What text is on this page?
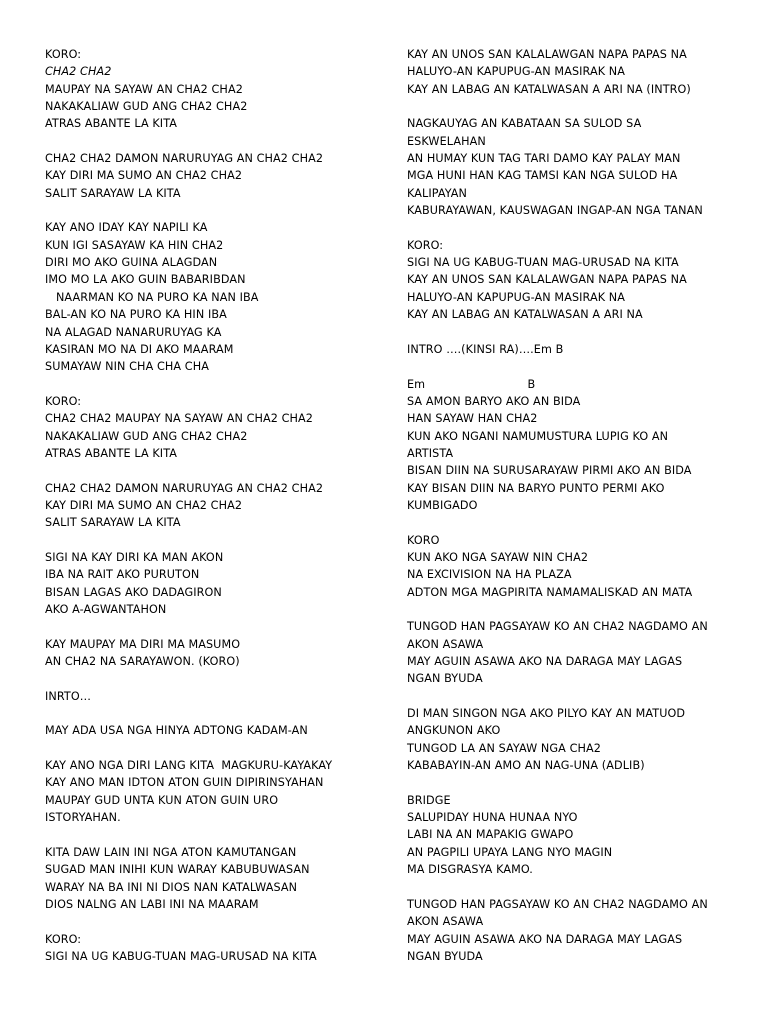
KORO:
CHA2 CHA2
MAUPAY NA SAYAW AN CHA2 CHA2
NAKAKALIAW GUD ANG CHA2 CHA2
ATRAS ABANTE LA KITA
CHA2 CHA2 DAMON NARURUYAG AN CHA2 CHA2
KAY DIRI MA SUMO AN CHA2 CHA2
SALIT SARAYAW LA KITA
KAY ANO IDAY KAY NAPILI KA
KUN IGI SASAYAW KA HIN CHA2
DIRI MO AKO GUINA ALAGDAN
IMO MO LA AKO GUIN BABARIBDAN
NAARMAN KO NA PURO KA NAN IBA
BAL-AN KO NA PURO KA HIN IBA
NA ALAGAD NANARURUYAG KA
KASIRAN MO NA DI AKO MAARAM
SUMAYAW NIN CHA CHA CHA
KORO:
CHA2 CHA2 MAUPAY NA SAYAW AN CHA2 CHA2
NAKAKALIAW GUD ANG CHA2 CHA2
ATRAS ABANTE LA KITA
CHA2 CHA2 DAMON NARURUYAG AN CHA2 CHA2
KAY DIRI MA SUMO AN CHA2 CHA2
SALIT SARAYAW LA KITA
SIGI NA KAY DIRI KA MAN AKON
IBA NA RAIT AKO PURUTON
BISAN LAGAS AKO DADAGIRON
AKO A-AGWANTAHON
KAY MAUPAY MA DIRI MA MASUMO
AN CHA2 NA SARAYAWON. (KORO)
INRTO…
MAY ADA USA NGA HINYA ADTONG KADAM-AN
KAY ANO NGA DIRI LANG KITA  MAGKURU-KAYAKAY
KAY ANO MAN IDTON ATON GUIN DIPIRINSYAHAN
MAUPAY GUD UNTA KUN ATON GUIN URO
ISTORYAHAN.
KITA DAW LAIN INI NGA ATON KAMUTANGAN
SUGAD MAN INIHI KUN WARAY KABUBUWASAN
WARAY NA BA INI NI DIOS NAN KATALWASAN
DIOS NALNG AN LABI INI NA MAARAM
KORO:
SIGI NA UG KABUG-TUAN MAG-URUSAD NA KITA
KAY AN UNOS SAN KALALAWGAN NAPA PAPAS NA
HALUYO-AN KAPUPUG-AN MASIRAK NA
KAY AN LABAG AN KATALWASAN A ARI NA (INTRO)
NAGKAUYAG AN KABATAAN SA SULOD SA
ESKWELAHAN
AN HUMAY KUN TAG TARI DAMO KAY PALAY MAN
MGA HUNI HAN KAG TAMSI KAN NGA SULOD HA
KALIPAYAN
KABURAYAWAN, KAUSWAGAN INGAP-AN NGA TANAN
KORO:
SIGI NA UG KABUG-TUAN MAG-URUSAD NA KITA
KAY AN UNOS SAN KALALAWGAN NAPA PAPAS NA
HALUYO-AN KAPUPUG-AN MASIRAK NA
KAY AN LABAG AN KATALWASAN A ARI NA
INTRO ….(KINSI RA)….Em B
Em                            B
SA AMON BARYO AKO AN BIDA
HAN SAYAW HAN CHA2
KUN AKO NGANI NAMUMUSTURA LUPIG KO AN
ARTISTA
BISAN DIIN NA SURUSARAYAW PIRMI AKO AN BIDA
KAY BISAN DIIN NA BARYO PUNTO PERMI AKO
KUMBIGADO
KORO
KUN AKO NGA SAYAW NIN CHA2
NA EXCIVISION NA HA PLAZA
ADTON MGA MAGPIRITA NAMAMALISKAD AN MATA
TUNGOD HAN PAGSAYAW KO AN CHA2 NAGDAMO AN
AKON ASAWA
MAY AGUIN ASAWA AKO NA DARAGA MAY LAGAS
NGAN BYUDA
DI MAN SINGON NGA AKO PILYO KAY AN MATUOD
ANGKUNON AKO
TUNGOD LA AN SAYAW NGA CHA2
KABABAYIN-AN AMO AN NAG-UNA (ADLIB)
BRIDGE
SALUPIDAY HUNA HUNAA NYO
LABI NA AN MAPAKIG GWAPO
AN PAGPILI UPAYA LANG NYO MAGIN
MA DISGRASYA KAMO.
TUNGOD HAN PAGSAYAW KO AN CHA2 NAGDAMO AN
AKON ASAWA
MAY AGUIN ASAWA AKO NA DARAGA MAY LAGAS
NGAN BYUDA
